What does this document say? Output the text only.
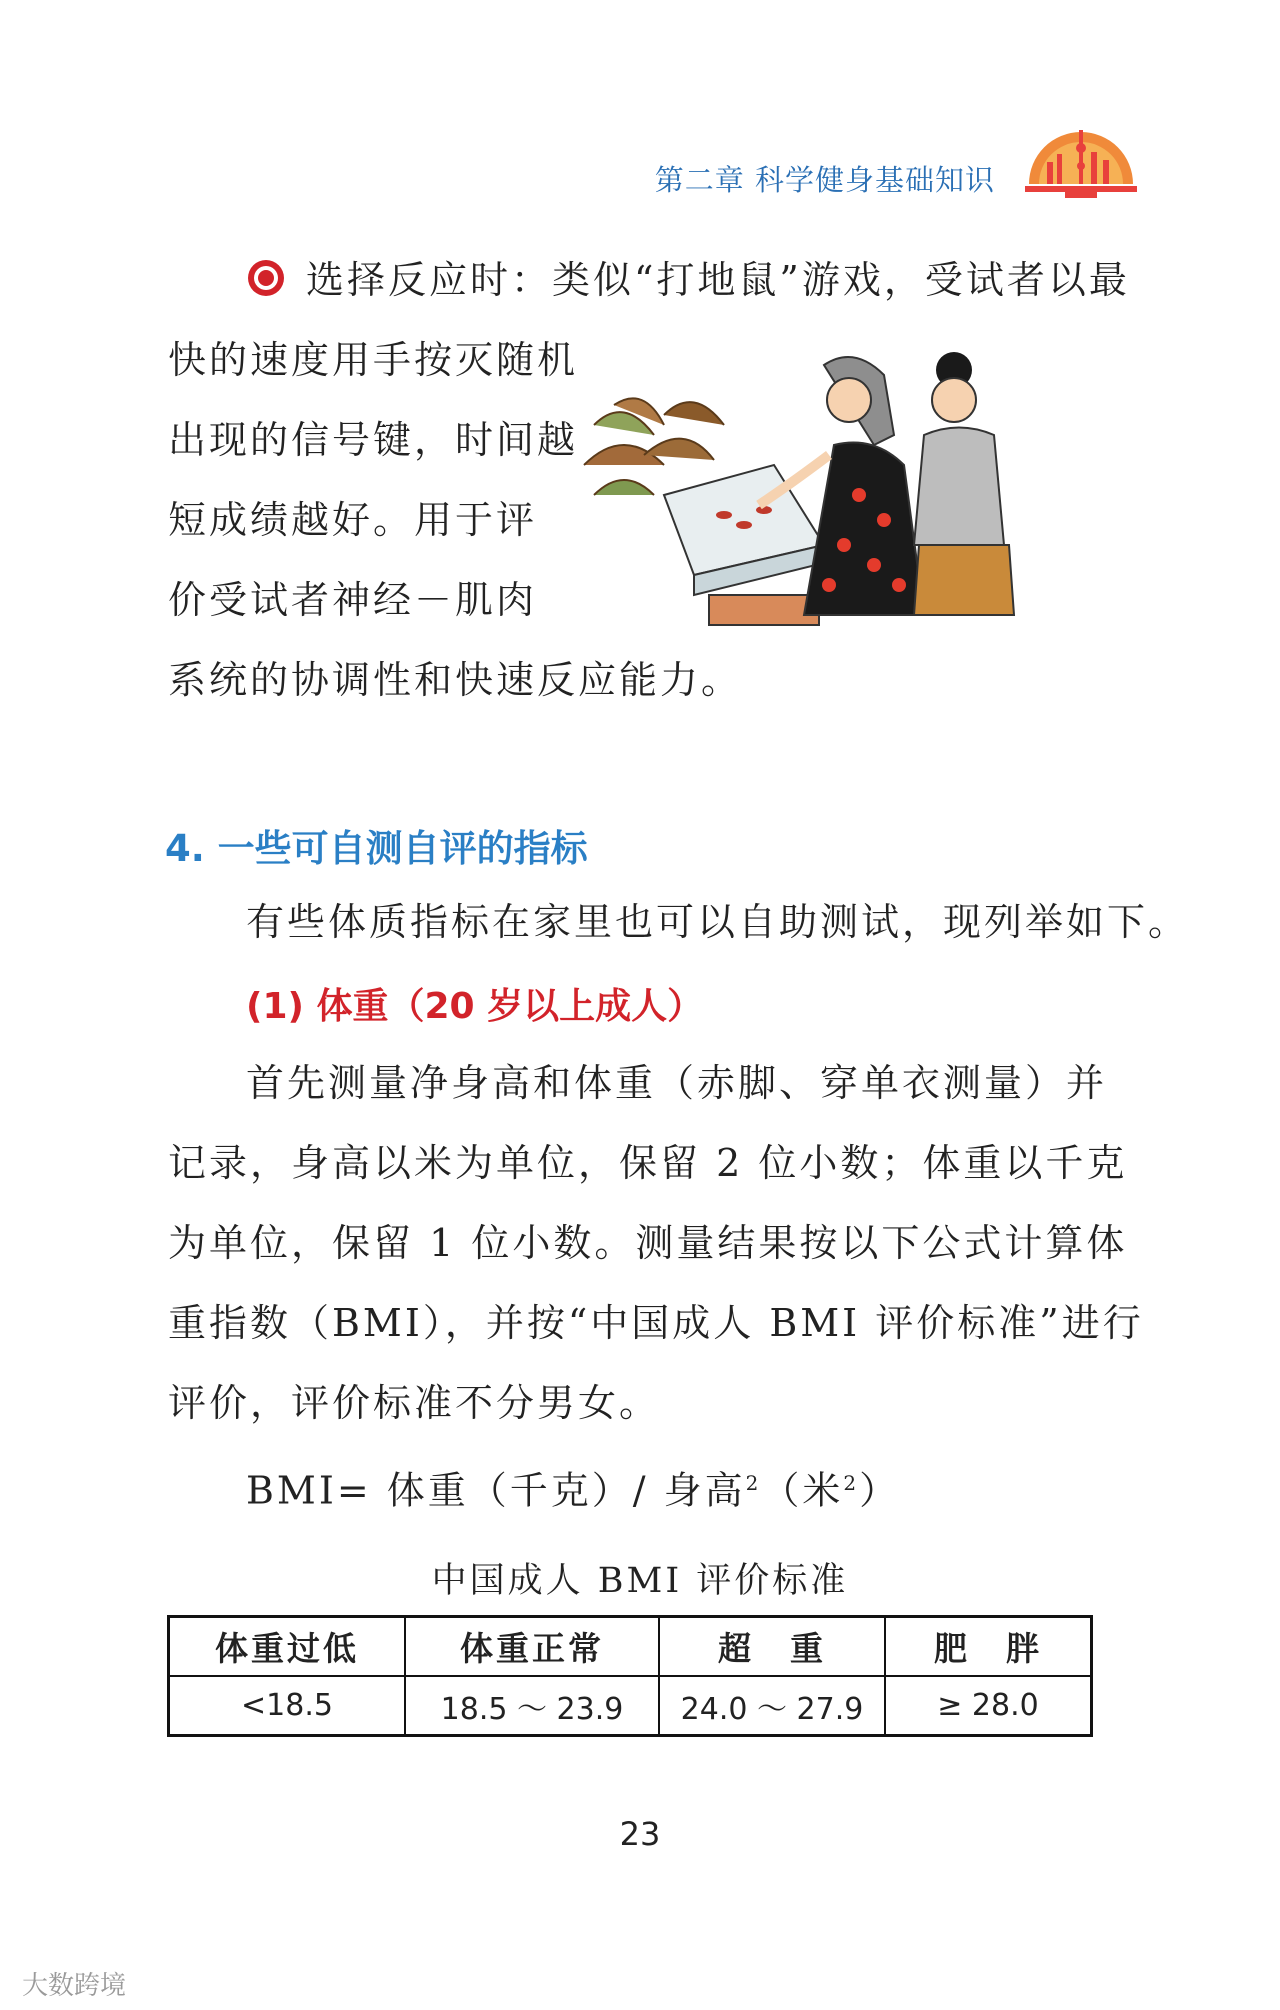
第二章 科学健身基础知识
选择反应时：类似“打地鼠”游戏，受试者以最
快的速度用手按灭随机
出现的信号键，时间越
短成绩越好。用于评
价受试者神经－肌肉
系统的协调性和快速反应能力。
4. 一些可自测自评的指标
有些体质指标在家里也可以自助测试，现列举如下。
(1) 体重（20 岁以上成人）
首先测量净身高和体重（赤脚、穿单衣测量）并
记录，身高以米为单位，保留 2 位小数；体重以千克
为单位，保留 1 位小数。测量结果按以下公式计算体
重指数（BMI），并按“中国成人 BMI 评价标准”进行
评价，评价标准不分男女。
BMI= 体重（千克）/ 身高$^2$（米$^2$）
中国成人 BMI 评价标准
体重过低	体重正常	超　重	肥　胖
<18.5	18.5 ～ 23.9	24.0 ～ 27.9	≥ 28.0
23
大数跨境
